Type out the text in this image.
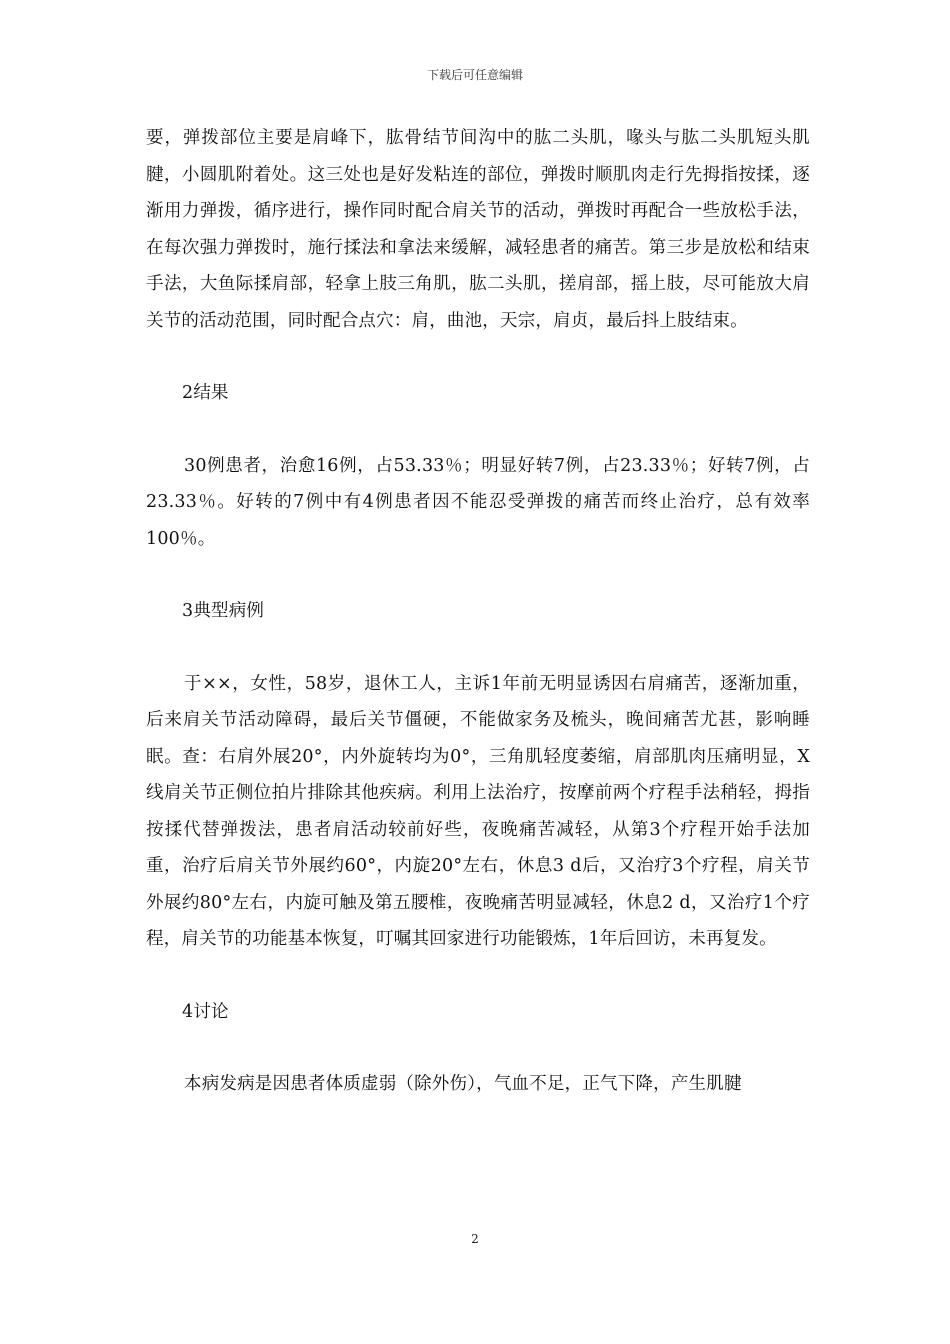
下载后可任意编辑

要，弹拨部位主要是肩峰下，肱骨结节间沟中的肱二头肌，喙头与肱二头肌短头肌腱，小圆肌附着处。这三处也是好发粘连的部位，弹拨时顺肌肉走行先拇指按揉，逐渐用力弹拨，循序进行，操作同时配合肩关节的活动，弹拨时再配合一些放松手法，在每次强力弹拨时，施行揉法和拿法来缓解，减轻患者的痛苦。第三步是放松和结束手法，大鱼际揉肩部，轻拿上肢三角肌，肱二头肌，搓肩部，摇上肢，尽可能放大肩关节的活动范围，同时配合点穴：肩，曲池，天宗，肩贞，最后抖上肢结束。

2结果

30例患者，治愈16例，占53.33％；明显好转7例，占23.33％；好转7例，占23.33％。好转的7例中有4例患者因不能忍受弹拨的痛苦而终止治疗，总有效率100％。

3典型病例

于××，女性，58岁，退休工人，主诉1年前无明显诱因右肩痛苦，逐渐加重，后来肩关节活动障碍，最后关节僵硬，不能做家务及梳头，晚间痛苦尤甚，影响睡眠。查：右肩外展20°，内外旋转均为0°，三角肌轻度萎缩，肩部肌肉压痛明显，X线肩关节正侧位拍片排除其他疾病。利用上法治疗，按摩前两个疗程手法稍轻，拇指按揉代替弹拨法，患者肩活动较前好些，夜晚痛苦减轻，从第3个疗程开始手法加重，治疗后肩关节外展约60°，内旋20°左右，休息3 d后，又治疗3个疗程，肩关节外展约80°左右，内旋可触及第五腰椎，夜晚痛苦明显减轻，休息2 d，又治疗1个疗程，肩关节的功能基本恢复，叮嘱其回家进行功能锻炼，1年后回访，未再复发。

4讨论

本病发病是因患者体质虚弱（除外伤），气血不足，正气下降，产生肌腱

2
